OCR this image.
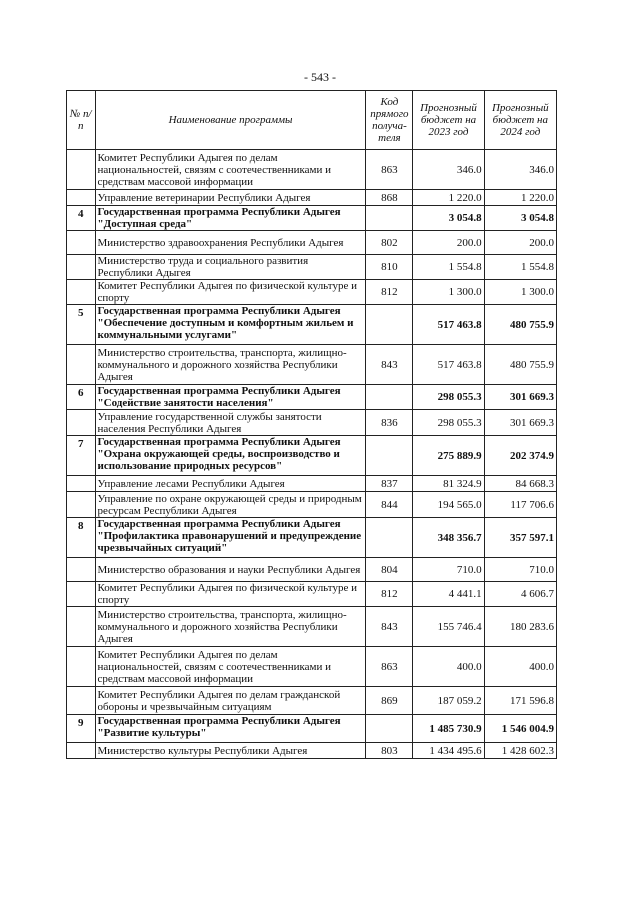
- 543 -
№ п/п	Наименование программы	Код прямого получа-теля	Прогнозный бюджет на 2023 год	Прогнозный бюджет на 2024 год
	Комитет Республики Адыгея по делам национальностей, связям с соотечественниками и средствам массовой информации	863	346.0	346.0
	Управление ветеринарии Республики Адыгея	868	1 220.0	1 220.0
4	Государственная программа Республики Адыгея "Доступная среда"		3 054.8	3 054.8
	Министерство здравоохранения Республики Адыгея	802	200.0	200.0
	Министерство труда и социального развития Республики Адыгея	810	1 554.8	1 554.8
	Комитет Республики Адыгея по физической культуре и спорту	812	1 300.0	1 300.0
5	Государственная программа Республики Адыгея "Обеспечение доступным и комфортным жильем и коммунальными услугами"		517 463.8	480 755.9
	Министерство строительства, транспорта, жилищно-коммунального и дорожного хозяйства Республики Адыгея	843	517 463.8	480 755.9
6	Государственная программа Республики Адыгея "Содействие занятости населения"		298 055.3	301 669.3
	Управление государственной службы занятости населения Республики Адыгея	836	298 055.3	301 669.3
7	Государственная программа Республики Адыгея "Охрана окружающей среды, воспроизводство и использование природных ресурсов"		275 889.9	202 374.9
	Управление лесами Республики Адыгея	837	81 324.9	84 668.3
	Управление по охране окружающей среды и природным ресурсам Республики Адыгея	844	194 565.0	117 706.6
8	Государственная программа Республики Адыгея "Профилактика правонарушений и предупреждение чрезвычайных ситуаций"		348 356.7	357 597.1
	Министерство образования и науки Республики Адыгея	804	710.0	710.0
	Комитет Республики Адыгея по физической культуре и спорту	812	4 441.1	4 606.7
	Министерство строительства, транспорта, жилищно-коммунального и дорожного хозяйства Республики Адыгея	843	155 746.4	180 283.6
	Комитет Республики Адыгея по делам национальностей, связям с соотечественниками и средствам массовой информации	863	400.0	400.0
	Комитет Республики Адыгея по делам гражданской обороны и чрезвычайным ситуациям	869	187 059.2	171 596.8
9	Государственная программа Республики Адыгея "Развитие культуры"		1 485 730.9	1 546 004.9
	Министерство культуры Республики Адыгея	803	1 434 495.6	1 428 602.3
